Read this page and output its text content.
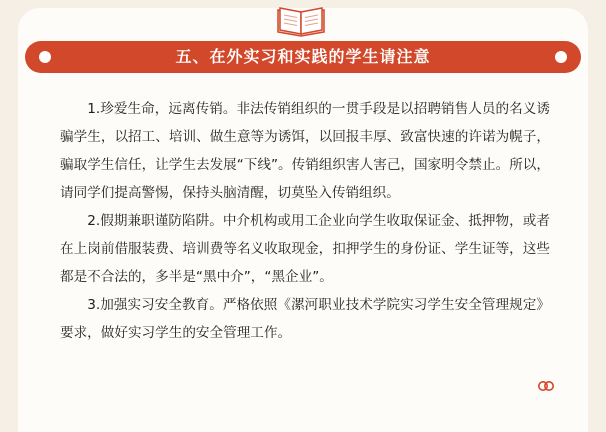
五、在外实习和实践的学生请注意

1.珍爱生命，远离传销。非法传销组织的一贯手段是以招聘销售人员的名义诱骗学生，以招工、培训、做生意等为诱饵，以回报丰厚、致富快速的许诺为幌子，骗取学生信任，让学生去发展“下线”。传销组织害人害己，国家明令禁止。所以，请同学们提高警惕，保持头脑清醒，切莫坠入传销组织。

2.假期兼职谨防陷阱。中介机构或用工企业向学生收取保证金、抵押物，或者在上岗前借服装费、培训费等名义收取现金，扣押学生的身份证、学生证等，这些都是不合法的，多半是“黑中介”，“黑企业”。

3.加强实习安全教育。严格依照《漯河职业技术学院实习学生安全管理规定》要求，做好实习学生的安全管理工作。
